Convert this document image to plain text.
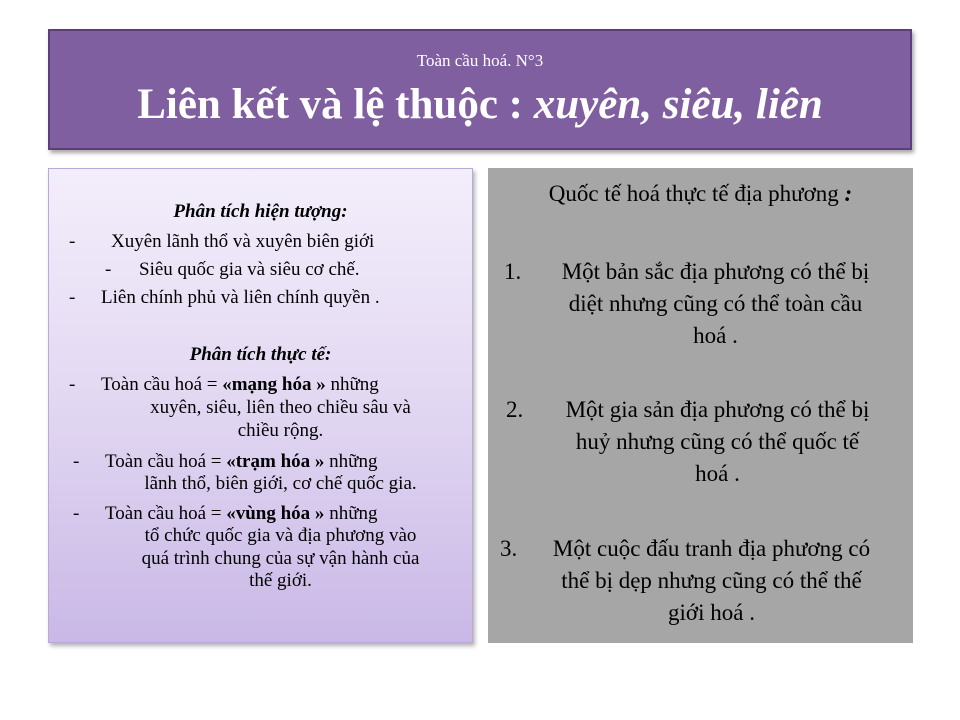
Toàn cầu hoá. N°3
Liên kết và lệ thuộc : xuyên, siêu, liên
Phân tích hiện tượng:
- Xuyên lãnh thổ và xuyên biên giới
- Siêu quốc gia và siêu cơ chế.
- Liên chính phủ và liên chính quyền .
Phân tích thực tế:
- Toàn cầu hoá = «mạng hóa » những
xuyên, siêu, liên theo chiều sâu và
chiều rộng.
- Toàn cầu hoá = «trạm hóa » những
lãnh thổ, biên giới, cơ chế quốc gia.
- Toàn cầu hoá = «vùng hóa » những
tổ chức quốc gia và địa phương vào
quá trình chung của sự vận hành của
thế giới.
Quốc tế hoá thực tế địa phương :
1.	Một bản sắc địa phương có thể bị
diệt nhưng cũng có thể toàn cầu
hoá .
2.	Một gia sản địa phương có thể bị
huỷ nhưng cũng có thể quốc tế
hoá .
3.	Một cuộc đấu tranh địa phương có
thể bị dẹp nhưng cũng có thể thế
giới hoá .
